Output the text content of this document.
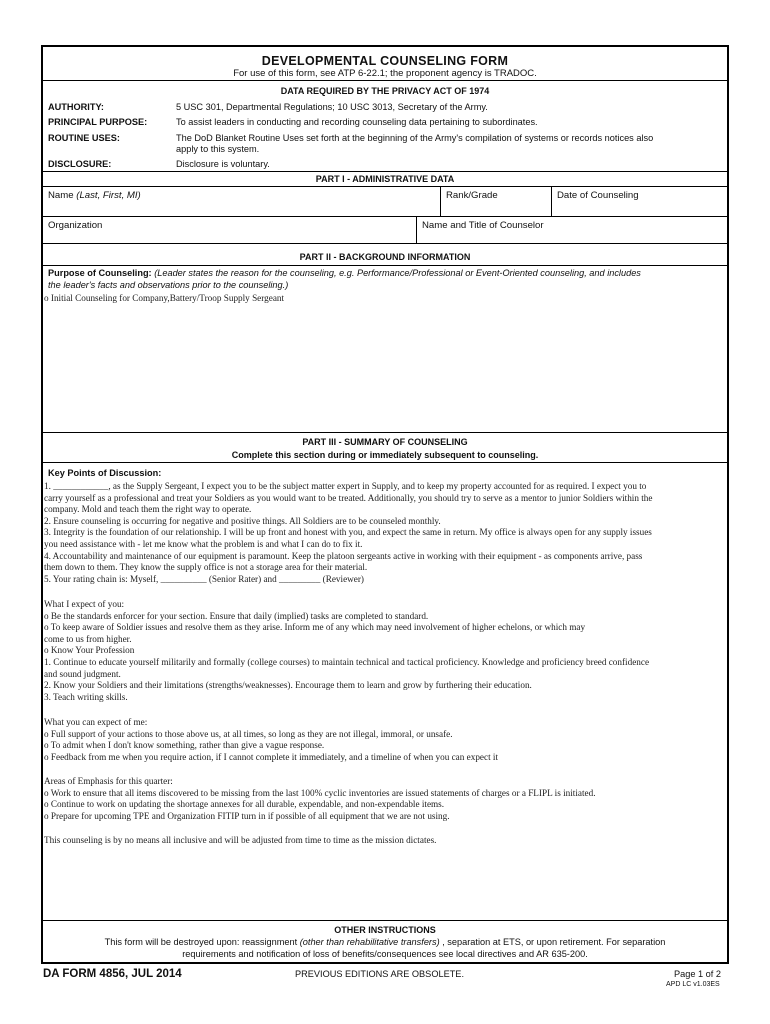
DEVELOPMENTAL COUNSELING FORM
For use of this form, see ATP 6-22.1; the proponent agency is TRADOC.
DATA REQUIRED BY THE PRIVACY ACT OF 1974
AUTHORITY:	5 USC 301, Departmental Regulations; 10 USC 3013, Secretary of the Army.
PRINCIPAL PURPOSE:	To assist leaders in conducting and recording counseling data pertaining to subordinates.
ROUTINE USES:	The DoD Blanket Routine Uses set forth at the beginning of the Army's compilation of systems or records notices also
apply to this system.
DISCLOSURE:	Disclosure is voluntary.
PART I - ADMINISTRATIVE DATA
Name (Last, First, MI)	Rank/Grade	Date of Counseling
Organization	Name and Title of Counselor
PART II - BACKGROUND INFORMATION
Purpose of Counseling: (Leader states the reason for the counseling, e.g. Performance/Professional or Event-Oriented counseling, and includes
the leader's facts and observations prior to the counseling.)
o Initial Counseling for Company,Battery/Troop Supply Sergeant
PART III - SUMMARY OF COUNSELING
Complete this section during or immediately subsequent to counseling.
Key Points of Discussion:
1. ____________, as the Supply Sergeant, I expect you to be the subject matter expert in Supply, and to keep my property accounted for as required. I expect you to
carry yourself as a professional and treat your Soldiers as you would want to be treated. Additionally, you should try to serve as a mentor to junior Soldiers within the
company. Mold and teach them the right way to operate.
2. Ensure counseling is occurring for negative and positive things. All Soldiers are to be counseled monthly.
3. Integrity is the foundation of our relationship. I will be up front and honest with you, and expect the same in return. My office is always open for any supply issues
you need assistance with - let me know what the problem is and what I can do to fix it.
4. Accountability and maintenance of our equipment is paramount. Keep the platoon sergeants active in working with their equipment - as components arrive, pass
them down to them. They know the supply office is not a storage area for their material.
5. Your rating chain is: Myself, __________ (Senior Rater) and _________ (Reviewer)
What I expect of you:
o Be the standards enforcer for your section. Ensure that daily (implied) tasks are completed to standard.
o To keep aware of Soldier issues and resolve them as they arise. Inform me of any which may need involvement of higher echelons, or which may
come to us from higher.
o Know Your Profession
1. Continue to educate yourself militarily and formally (college courses) to maintain technical and tactical proficiency. Knowledge and proficiency breed confidence
and sound judgment.
2. Know your Soldiers and their limitations (strengths/weaknesses). Encourage them to learn and grow by furthering their education.
3. Teach writing skills.
What you can expect of me:
o Full support of your actions to those above us, at all times, so long as they are not illegal, immoral, or unsafe.
o To admit when I don't know something, rather than give a vague response.
o Feedback from me when you require action, if I cannot complete it immediately, and a timeline of when you can expect it
Areas of Emphasis for this quarter:
o Work to ensure that all items discovered to be missing from the last 100% cyclic inventories are issued statements of charges or a FLIPL is initiated.
o Continue to work on updating the shortage annexes for all durable, expendable, and non-expendable items.
o Prepare for upcoming TPE and Organization FITIP turn in if possible of all equipment that we are not using.
This counseling is by no means all inclusive and will be adjusted from time to time as the mission dictates.
OTHER INSTRUCTIONS
This form will be destroyed upon: reassignment (other than rehabilitative transfers) , separation at ETS, or upon retirement. For separation
requirements and notification of loss of benefits/consequences see local directives and AR 635-200.
DA FORM 4856, JUL 2014	PREVIOUS EDITIONS ARE OBSOLETE.	Page 1 of 2
APD LC v1.03ES
